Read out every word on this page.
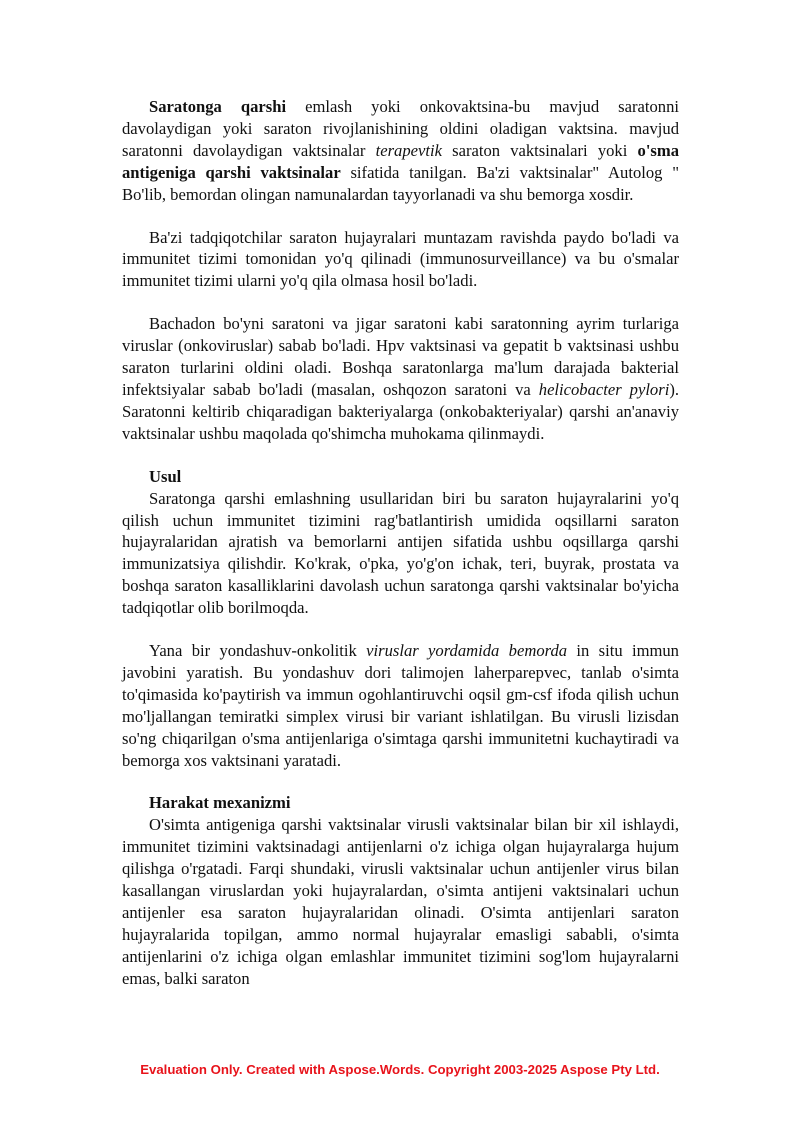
Saratonga qarshi emlash yoki onkovaktsina-bu mavjud saratonni davolaydigan yoki saraton rivojlanishining oldini oladigan vaktsina. mavjud saratonni davolaydigan vaktsinalar terapevtik saraton vaktsinalari yoki o'sma antigeniga qarshi vaktsinalar sifatida tanilgan. Ba'zi vaktsinalar" Autolog " Bo'lib, bemordan olingan namunalardan tayyorlanadi va shu bemorga xosdir.

Ba'zi tadqiqotchilar saraton hujayralari muntazam ravishda paydo bo'ladi va immunitet tizimi tomonidan yo'q qilinadi (immunosurveillance) va bu o'smalar immunitet tizimi ularni yo'q qila olmasa hosil bo'ladi.

Bachadon bo'yni saratoni va jigar saratoni kabi saratonning ayrim turlariga viruslar (onkoviruslar) sabab bo'ladi. Hpv vaktsinasi va gepatit b vaktsinasi ushbu saraton turlarini oldini oladi. Boshqa saratonlarga ma'lum darajada bakterial infektsiyalar sabab bo'ladi (masalan, oshqozon saratoni va helicobacter pylori). Saratonni keltirib chiqaradigan bakteriyalarga (onkobakteriyalar) qarshi an'anaviy vaktsinalar ushbu maqolada qo'shimcha muhokama qilinmaydi.

Usul

Saratonga qarshi emlashning usullaridan biri bu saraton hujayralarini yo'q qilish uchun immunitet tizimini rag'batlantirish umidida oqsillarni saraton hujayralaridan ajratish va bemorlarni antijen sifatida ushbu oqsillarga qarshi immunizatsiya qilishdir. Ko'krak, o'pka, yo'g'on ichak, teri, buyrak, prostata va boshqa saraton kasalliklarini davolash uchun saratonga qarshi vaktsinalar bo'yicha tadqiqotlar olib borilmoqda.

Yana bir yondashuv-onkolitik viruslar yordamida bemorda in situ immun javobini yaratish. Bu yondashuv dori talimojen laherparepvec, tanlab o'simta to'qimasida ko'paytirish va immun ogohlantiruvchi oqsil gm-csf ifoda qilish uchun mo'ljallangan temiratki simplex virusi bir variant ishlatilgan. Bu virusli lizisdan so'ng chiqarilgan o'sma antijenlariga o'simtaga qarshi immunitetni kuchaytiradi va bemorga xos vaktsinani yaratadi.

Harakat mexanizmi

O'simta antigeniga qarshi vaktsinalar virusli vaktsinalar bilan bir xil ishlaydi, immunitet tizimini vaktsinadagi antijenlarni o'z ichiga olgan hujayralarga hujum qilishga o'rgatadi. Farqi shundaki, virusli vaktsinalar uchun antijenler virus bilan kasallangan viruslardan yoki hujayralardan, o'simta antijeni vaktsinalari uchun antijenler esa saraton hujayralaridan olinadi. O'simta antijenlari saraton hujayralarida topilgan, ammo normal hujayralar emasligi sababli, o'simta antijenlarini o'z ichiga olgan emlashlar immunitet tizimini sog'lom hujayralarni emas, balki saraton

Evaluation Only. Created with Aspose.Words. Copyright 2003-2025 Aspose Pty Ltd.
